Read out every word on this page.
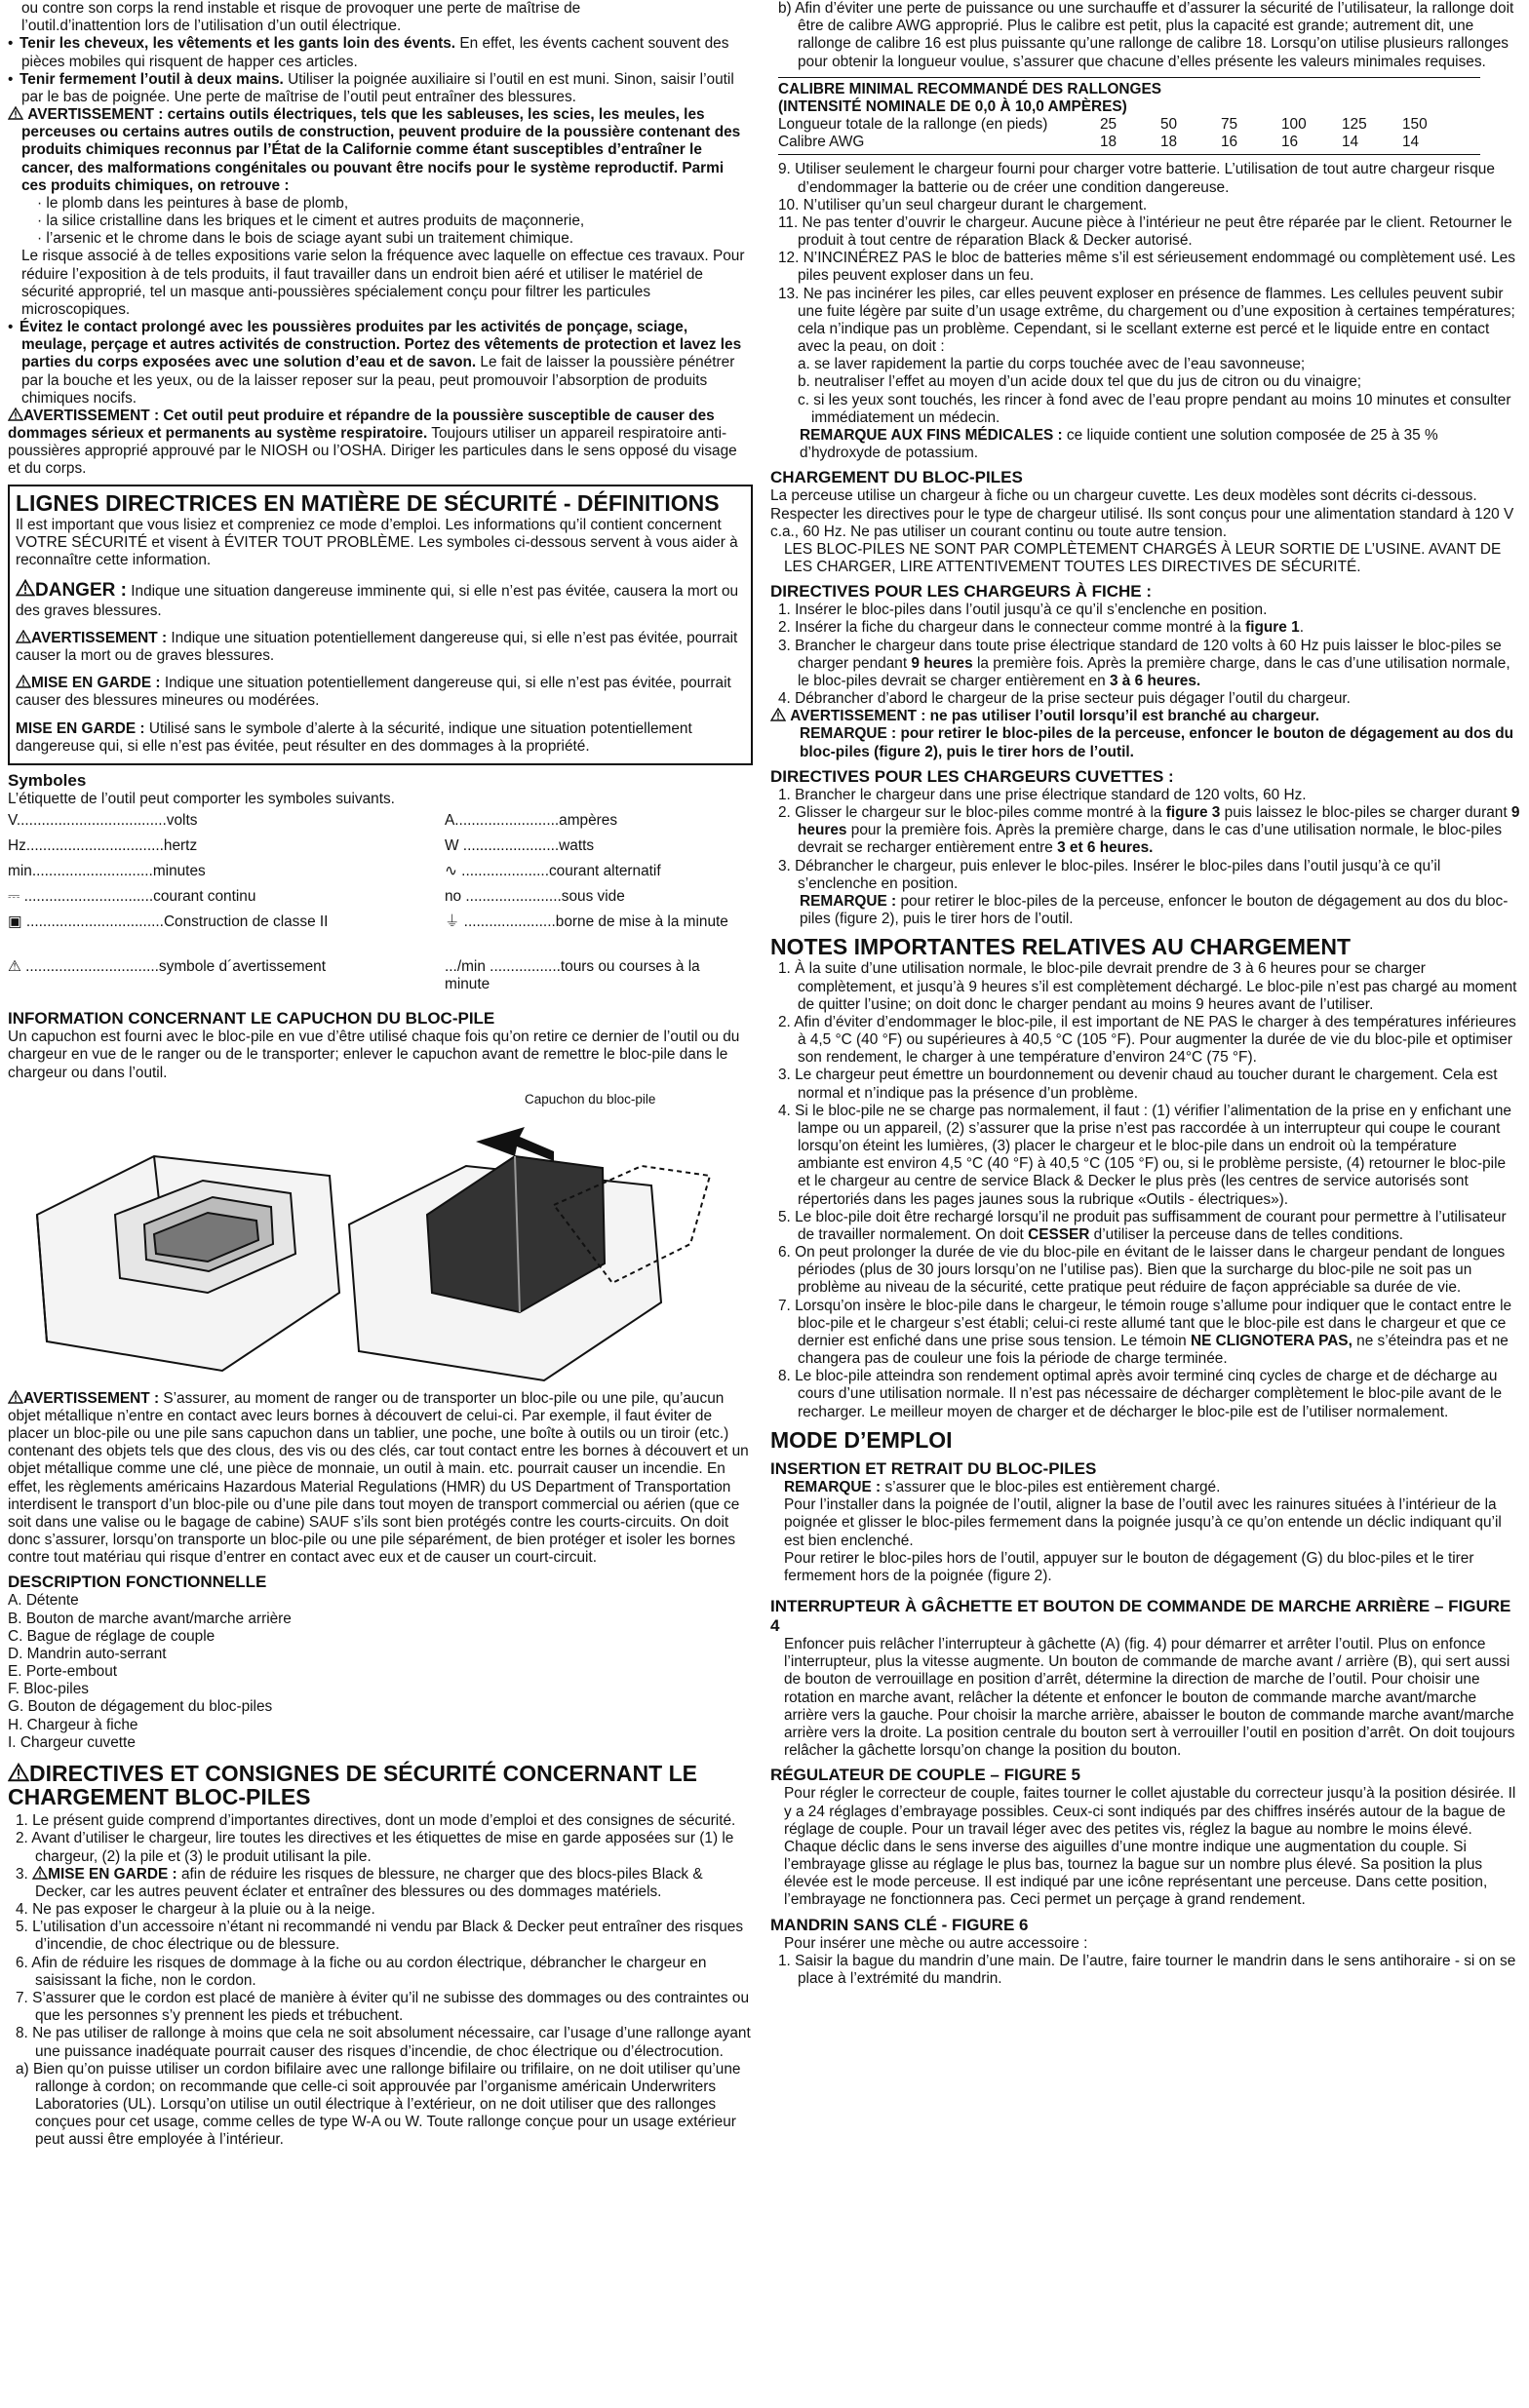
ou contre son corps la rend instable et risque de provoquer une perte de maîtrise de

l’outil.d’inattention lors de l’utilisation d’un outil électrique.

• Tenir les cheveux, les vêtements et les gants loin des évents. En effet, les évents cachent souvent des pièces mobiles qui risquent de happer ces articles.

• Tenir fermement l’outil à deux mains. Utiliser la poignée auxiliaire si l’outil en est muni. Sinon, saisir l’outil par le bas de poignée. Une perte de maîtrise de l’outil peut entraîner des blessures.

AVERTISSEMENT : certains outils électriques, tels que les sableuses, les scies, les meules, les perceuses ou certains autres outils de construction, peuvent produire de la poussière contenant des produits chimiques reconnus par l’État de la Californie comme étant susceptibles d’entraîner le cancer, des malformations congénitales ou pouvant être nocifs pour le système reproductif. Parmi ces produits chimiques, on retrouve :

· le plomb dans les peintures à base de plomb,

· la silice cristalline dans les briques et le ciment et autres produits de maçonnerie,

· l’arsenic et le chrome dans le bois de sciage ayant subi un traitement chimique.

Le risque associé à de telles expositions varie selon la fréquence avec laquelle on effectue ces travaux. Pour réduire l’exposition à de tels produits, il faut travailler dans un endroit bien aéré et utiliser le matériel de sécurité approprié, tel un masque anti-poussières spécialement conçu pour filtrer les particules microscopiques.

• Évitez le contact prolongé avec les poussières produites par les activités de ponçage, sciage, meulage, perçage et autres activités de construction. Portez des vêtements de protection et lavez les parties du corps exposées avec une solution d’eau et de savon. Le fait de laisser la poussière pénétrer par la bouche et les yeux, ou de la laisser reposer sur la peau, peut promouvoir l’absorption de produits chimiques nocifs.

AVERTISSEMENT : Cet outil peut produire et répandre de la poussière susceptible de causer des dommages sérieux et permanents au système respiratoire. Toujours utiliser un appareil respiratoire anti-poussières approprié approuvé par le NIOSH ou l’OSHA. Diriger les particules dans le sens opposé du visage et du corps.

LIGNES DIRECTRICES EN MATIÈRE DE SÉCURITÉ - DÉFINITIONS

Il est important que vous lisiez et compreniez ce mode d’emploi. Les informations qu’il contient concernent VOTRE SÉCURITÉ et visent à ÉVITER TOUT PROBLÈME. Les symboles ci-dessous servent à vous aider à reconnaître cette information.

DANGER : Indique une situation dangereuse imminente qui, si elle n’est pas évitée, causera la mort ou des graves blessures.

AVERTISSEMENT : Indique une situation potentiellement dangereuse qui, si elle n’est pas évitée, pourrait causer la mort ou de graves blessures.

MISE EN GARDE : Indique une situation potentiellement dangereuse qui, si elle n’est pas évitée, pourrait causer des blessures mineures ou modérées.

MISE EN GARDE : Utilisé sans le symbole d’alerte à la sécurité, indique une situation potentiellement dangereuse qui, si elle n’est pas évitée, peut résulter en des dommages à la propriété.

Symboles

L’étiquette de l’outil peut comporter les symboles suivants.

V....................................volts	A.........................ampères
Hz.................................hertz	W .......................watts
min.............................minutes	∿ .....................courant alternatif
⎓ ...............................courant continu	no .......................sous vide
▣ .................................Construction de classe II	⏚ ......................borne de mise à la minute
⚠ ................................symbole d´avertissement	.../min .................tours ou courses à la minute

INFORMATION CONCERNANT LE CAPUCHON DU BLOC-PILE

Un capuchon est fourni avec le bloc-pile en vue d’être utilisé chaque fois qu’on retire ce dernier de l’outil ou du chargeur en vue de le ranger ou de le transporter; enlever le capuchon avant de remettre le bloc-pile dans le chargeur ou dans l’outil.

Capuchon du bloc-pile

AVERTISSEMENT : S’assurer, au moment de ranger ou de transporter un bloc-pile ou une pile, qu’aucun objet métallique n’entre en contact avec leurs bornes à découvert de celui-ci. Par exemple, il faut éviter de placer un bloc-pile ou une pile sans capuchon dans un tablier, une poche, une boîte à outils ou un tiroir (etc.) contenant des objets tels que des clous, des vis ou des clés, car tout contact entre les bornes à découvert et un objet métallique comme une clé, une pièce de monnaie, un outil à main. etc. pourrait causer un incendie. En effet, les règlements américains Hazardous Material Regulations (HMR) du US Department of Transportation interdisent le transport d’un bloc-pile ou d’une pile dans tout moyen de transport commercial ou aérien (que ce soit dans une valise ou le bagage de cabine) SAUF s’ils sont bien protégés contre les courts-circuits. On doit donc s’assurer, lorsqu’on transporte un bloc-pile ou une pile séparément, de bien protéger et isoler les bornes contre tout matériau qui risque d’entrer en contact avec eux et de causer un court-circuit.

DESCRIPTION FONCTIONNELLE

A. Détente

B. Bouton de marche avant/marche arrière

C. Bague de réglage de couple

D. Mandrin auto-serrant

E. Porte-embout

F. Bloc-piles

G. Bouton de dégagement du bloc-piles

H. Chargeur à fiche

I. Chargeur cuvette

DIRECTIVES ET CONSIGNES DE SÉCURITÉ CONCERNANT LE CHARGEMENT BLOC-PILES

1. Le présent guide comprend d’importantes directives, dont un mode d’emploi et des consignes de sécurité.

2. Avant d’utiliser le chargeur, lire toutes les directives et les étiquettes de mise en garde apposées sur (1) le chargeur, (2) la pile et (3) le produit utilisant la pile.

3. MISE EN GARDE : afin de réduire les risques de blessure, ne charger que des blocs-piles Black & Decker, car les autres peuvent éclater et entraîner des blessures ou des dommages matériels.

4. Ne pas exposer le chargeur à la pluie ou à la neige.

5. L’utilisation d’un accessoire n’étant ni recommandé ni vendu par Black & Decker peut entraîner des risques d’incendie, de choc électrique ou de blessure.

6. Afin de réduire les risques de dommage à la fiche ou au cordon électrique, débrancher le chargeur en saisissant la fiche, non le cordon.

7. S’assurer que le cordon est placé de manière à éviter qu’il ne subisse des dommages ou des contraintes ou que les personnes s’y prennent les pieds et trébuchent.

8. Ne pas utiliser de rallonge à moins que cela ne soit absolument nécessaire, car l’usage d’une rallonge ayant une puissance inadéquate pourrait causer des risques d’incendie, de choc électrique ou d’électrocution.

a) Bien qu’on puisse utiliser un cordon bifilaire avec une rallonge bifilaire ou trifilaire, on ne doit utiliser qu’une rallonge à cordon; on recommande que celle-ci soit approuvée par l’organisme américain Underwriters Laboratories (UL). Lorsqu’on utilise un outil électrique à l’extérieur, on ne doit utiliser que des rallonges conçues pour cet usage, comme celles de type W-A ou W. Toute rallonge conçue pour un usage extérieur peut aussi être employée à l’intérieur.

b) Afin d’éviter une perte de puissance ou une surchauffe et d’assurer la sécurité de l’utilisateur, la rallonge doit être de calibre AWG approprié. Plus le calibre est petit, plus la capacité est grande; autrement dit, une rallonge de calibre 16 est plus puissante qu’une rallonge de calibre 18. Lorsqu’on utilise plusieurs rallonges pour obtenir la longueur voulue, s’assurer que chacune d’elles présente les valeurs minimales requises.

CALIBRE MINIMAL RECOMMANDÉ DES RALLONGES

(INTENSITÉ NOMINALE DE 0,0 À 10,0 AMPÈRES)

Longueur totale de la rallonge (en pieds)	25	50	75	100	125	150
Calibre AWG	18	18	16	16	14	14

9. Utiliser seulement le chargeur fourni pour charger votre batterie. L’utilisation de tout autre chargeur risque d’endommager la batterie ou de créer une condition dangereuse.

10. N’utiliser qu’un seul chargeur durant le chargement.

11. Ne pas tenter d’ouvrir le chargeur. Aucune pièce à l’intérieur ne peut être réparée par le client. Retourner le produit à tout centre de réparation Black & Decker autorisé.

12. N’INCINÉREZ PAS le bloc de batteries même s’il est sérieusement endommagé ou complètement usé. Les piles peuvent exploser dans un feu.

13. Ne pas incinérer les piles, car elles peuvent exploser en présence de flammes. Les cellules peuvent subir une fuite légère par suite d’un usage extrême, du chargement ou d’une exposition à certaines températures; cela n’indique pas un problème. Cependant, si le scellant externe est percé et le liquide entre en contact avec la peau, on doit :

a. se laver rapidement la partie du corps touchée avec de l’eau savonneuse;

b. neutraliser l’effet au moyen d’un acide doux tel que du jus de citron ou du vinaigre;

c. si les yeux sont touchés, les rincer à fond avec de l’eau propre pendant au moins 10 minutes et consulter immédiatement un médecin.

REMARQUE AUX FINS MÉDICALES : ce liquide contient une solution composée de 25 à 35 % d’hydroxyde de potassium.

CHARGEMENT DU BLOC-PILES

La perceuse utilise un chargeur à fiche ou un chargeur cuvette. Les deux modèles sont décrits ci-dessous. Respecter les directives pour le type de chargeur utilisé. Ils sont conçus pour une alimentation standard à 120 V c.a., 60 Hz. Ne pas utiliser un courant continu ou toute autre tension.

LES BLOC-PILES NE SONT PAR COMPLÈTEMENT CHARGÉS À LEUR SORTIE DE L’USINE. AVANT DE LES CHARGER, LIRE ATTENTIVEMENT TOUTES LES DIRECTIVES DE SÉCURITÉ.

DIRECTIVES POUR LES CHARGEURS À FICHE :

1. Insérer le bloc-piles dans l’outil jusqu’à ce qu’il s’enclenche en position.

2. Insérer la fiche du chargeur dans le connecteur comme montré à la figure 1.

3. Brancher le chargeur dans toute prise électrique standard de 120 volts à 60 Hz puis laisser le bloc-piles se charger pendant 9 heures la première fois. Après la première charge, dans le cas d’une utilisation normale, le bloc-piles devrait se charger entièrement en 3 à 6 heures.

4. Débrancher d’abord le chargeur de la prise secteur puis dégager l’outil du chargeur.

AVERTISSEMENT : ne pas utiliser l’outil lorsqu’il est branché au chargeur.

REMARQUE : pour retirer le bloc-piles de la perceuse, enfoncer le bouton de dégagement au dos du bloc-piles (figure 2), puis le tirer hors de l’outil.

DIRECTIVES POUR LES CHARGEURS CUVETTES :

1. Brancher le chargeur dans une prise électrique standard de 120 volts, 60 Hz.

2. Glisser le chargeur sur le bloc-piles comme montré à la figure 3 puis laissez le bloc-piles se charger durant 9 heures pour la première fois. Après la première charge, dans le cas d’une utilisation normale, le bloc-piles devrait se recharger entièrement entre 3 et 6 heures.

3. Débrancher le chargeur, puis enlever le bloc-piles. Insérer le bloc-piles dans l’outil jusqu’à ce qu’il s’enclenche en position.

REMARQUE : pour retirer le bloc-piles de la perceuse, enfoncer le bouton de dégagement au dos du bloc-piles (figure 2), puis le tirer hors de l’outil.

NOTES IMPORTANTES RELATIVES AU CHARGEMENT

1. À la suite d’une utilisation normale, le bloc-pile devrait prendre de 3 à 6 heures pour se charger complètement, et jusqu’à 9 heures s’il est complètement déchargé. Le bloc-pile n’est pas chargé au moment de quitter l’usine; on doit donc le charger pendant au moins 9 heures avant de l’utiliser.

2. Afin d’éviter d’endommager le bloc-pile, il est important de NE PAS le charger à des températures inférieures à 4,5 °C (40 °F) ou supérieures à 40,5 °C (105 °F). Pour augmenter la durée de vie du bloc-pile et optimiser son rendement, le charger à une température d’environ 24°C (75 °F).

3. Le chargeur peut émettre un bourdonnement ou devenir chaud au toucher durant le chargement. Cela est normal et n’indique pas la présence d’un problème.

4. Si le bloc-pile ne se charge pas normalement, il faut : (1) vérifier l’alimentation de la prise en y enfichant une lampe ou un appareil, (2) s’assurer que la prise n’est pas raccordée à un interrupteur qui coupe le courant lorsqu’on éteint les lumières, (3) placer le chargeur et le bloc-pile dans un endroit où la température ambiante est environ 4,5 °C (40 °F) à 40,5 °C (105 °F) ou, si le problème persiste, (4) retourner le bloc-pile et le chargeur au centre de service Black & Decker le plus près (les centres de service autorisés sont répertoriés dans les pages jaunes sous la rubrique «Outils - électriques»).

5. Le bloc-pile doit être rechargé lorsqu’il ne produit pas suffisamment de courant pour permettre à l’utilisateur de travailler normalement. On doit CESSER d’utiliser la perceuse dans de telles conditions.

6. On peut prolonger la durée de vie du bloc-pile en évitant de le laisser dans le chargeur pendant de longues périodes (plus de 30 jours lorsqu’on ne l’utilise pas). Bien que la surcharge du bloc-pile ne soit pas un problème au niveau de la sécurité, cette pratique peut réduire de façon appréciable sa durée de vie.

7. Lorsqu’on insère le bloc-pile dans le chargeur, le témoin rouge s’allume pour indiquer que le contact entre le bloc-pile et le chargeur s’est établi; celui-ci reste allumé tant que le bloc-pile est dans le chargeur et que ce dernier est enfiché dans une prise sous tension. Le témoin NE CLIGNOTERA PAS, ne s’éteindra pas et ne changera pas de couleur une fois la période de charge terminée.

8. Le bloc-pile atteindra son rendement optimal après avoir terminé cinq cycles de charge et de décharge au cours d’une utilisation normale. Il n’est pas nécessaire de décharger complètement le bloc-pile avant de le recharger. Le meilleur moyen de charger et de décharger le bloc-pile est de l’utiliser normalement.

MODE D’EMPLOI

INSERTION ET RETRAIT DU BLOC-PILES

REMARQUE : s’assurer que le bloc-piles est entièrement chargé.

Pour l’installer dans la poignée de l’outil, aligner la base de l’outil avec les rainures situées à l’intérieur de la poignée et glisser le bloc-piles fermement dans la poignée jusqu’à ce qu’on entende un déclic indiquant qu’il est bien enclenché.

Pour retirer le bloc-piles hors de l’outil, appuyer sur le bouton de dégagement (G) du bloc-piles et le tirer fermement hors de la poignée (figure 2).

INTERRUPTEUR À GÂCHETTE ET BOUTON DE COMMANDE DE MARCHE ARRIÈRE – FIGURE 4

Enfoncer puis relâcher l’interrupteur à gâchette (A) (fig. 4) pour démarrer et arrêter l’outil. Plus on enfonce l’interrupteur, plus la vitesse augmente. Un bouton de commande de marche avant / arrière (B), qui sert aussi de bouton de verrouillage en position d’arrêt, détermine la direction de marche de l’outil. Pour choisir une rotation en marche avant, relâcher la détente et enfoncer le bouton de commande marche avant/marche arrière vers la gauche. Pour choisir la marche arrière, abaisser le bouton de commande marche avant/marche arrière vers la droite. La position centrale du bouton sert à verrouiller l’outil en position d’arrêt. On doit toujours relâcher la gâchette lorsqu’on change la position du bouton.

RÉGULATEUR DE COUPLE – FIGURE 5

Pour régler le correcteur de couple, faites tourner le collet ajustable du correcteur jusqu’à la position désirée. Il y a 24 réglages d’embrayage possibles. Ceux-ci sont indiqués par des chiffres insérés autour de la bague de réglage de couple. Pour un travail léger avec des petites vis, réglez la bague au nombre le moins élevé. Chaque déclic dans le sens inverse des aiguilles d’une montre indique une augmentation du couple. Si l’embrayage glisse au réglage le plus bas, tournez la bague sur un nombre plus élevé. Sa position la plus élevée est le mode perceuse. Il est indiqué par une icône représentant une perceuse. Dans cette position, l’embrayage ne fonctionnera pas. Ceci permet un perçage à grand rendement.

MANDRIN SANS CLÉ - FIGURE 6

Pour insérer une mèche ou autre accessoire :

1. Saisir la bague du mandrin d’une main. De l’autre, faire tourner le mandrin dans le sens antihoraire - si on se place à l’extrémité du mandrin.
